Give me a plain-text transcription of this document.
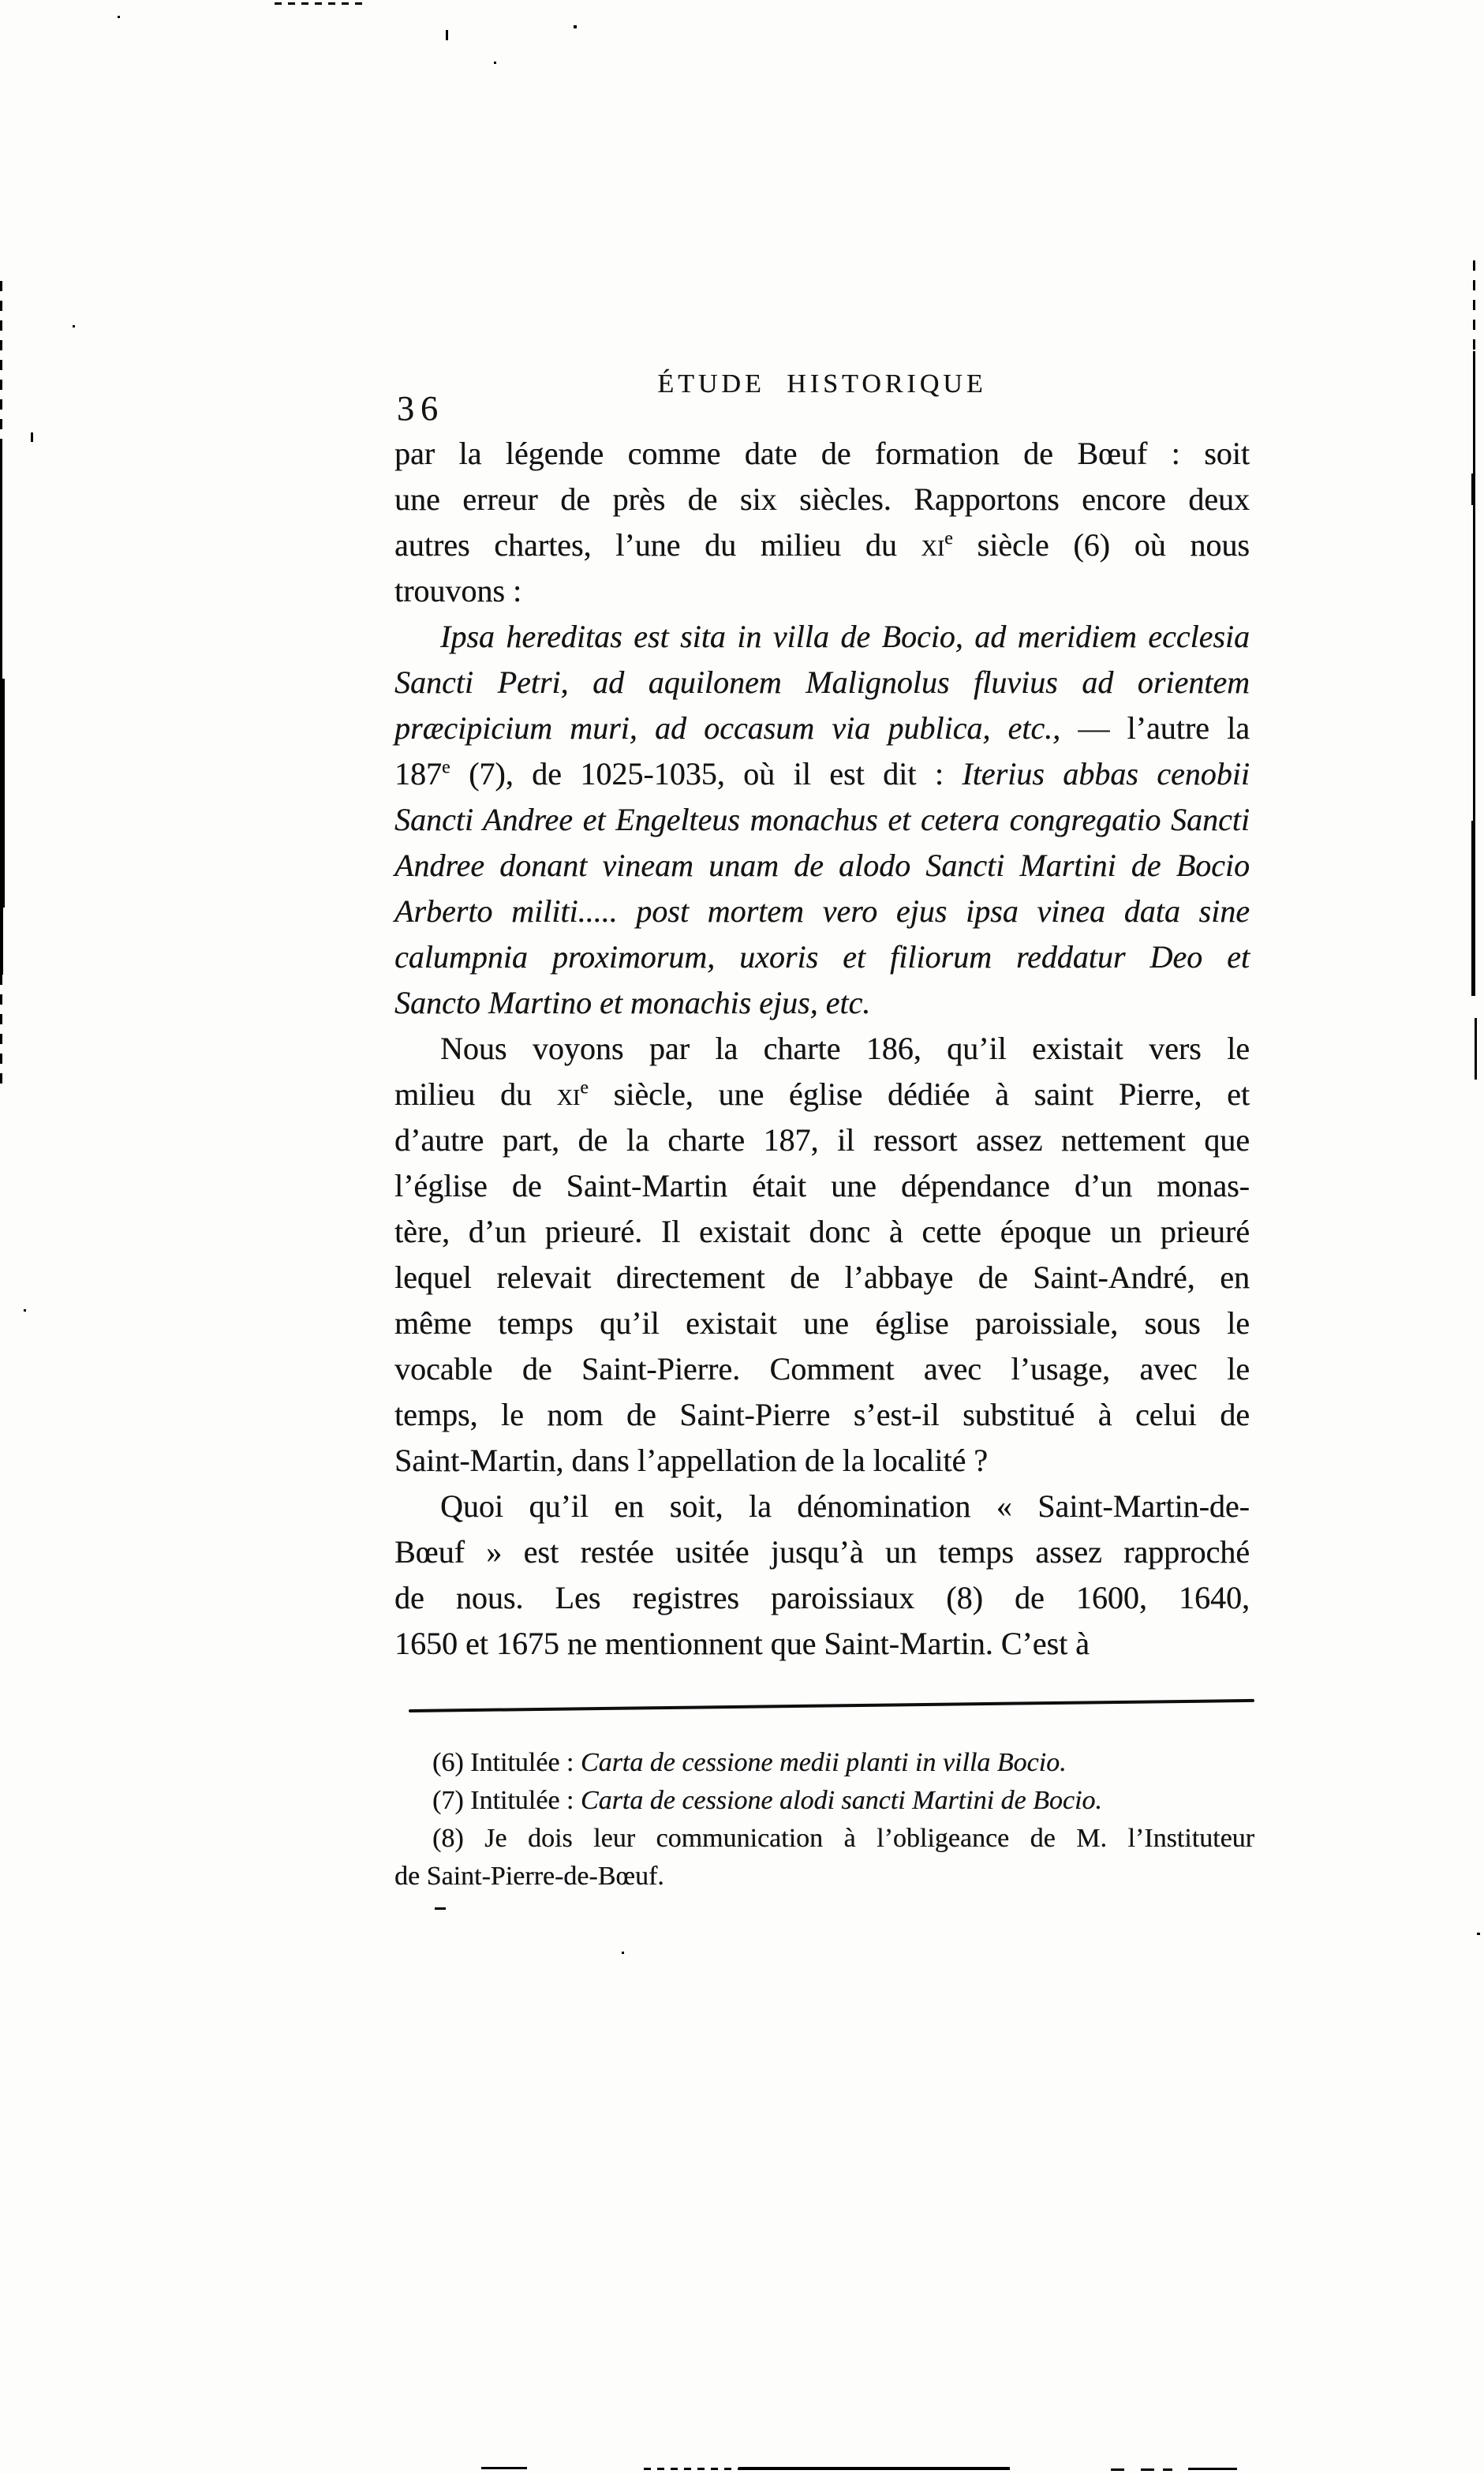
36
ÉTUDE HISTORIQUE
par la légende comme date de formation de Bœuf : soit
une erreur de près de six siècles. Rapportons encore deux
autres chartes, l’une du milieu du $xi^e$ siècle (6) où nous
trouvons :
Ipsa hereditas est sita in villa de Bocio, ad meridiem ecclesia
Sancti Petri, ad aquilonem Malignolus fluvius ad orientem
præcipicium muri, ad occasum via publica, etc., — l’autre la
187e (7), de 1025-1035, où il est dit : Iterius abbas cenobii
Sancti Andree et Engelteus monachus et cetera congregatio Sancti
Andree donant vineam unam de alodo Sancti Martini de Bocio
Arberto militi..... post mortem vero ejus ipsa vinea data sine
calumpnia proximorum, uxoris et filiorum reddatur Deo et
Sancto Martino et monachis ejus, etc.
Nous voyons par la charte 186, qu’il existait vers le
milieu du $xi^e$ siècle, une église dédiée à saint Pierre, et
d’autre part, de la charte 187, il ressort assez nettement que
l’église de Saint-Martin était une dépendance d’un monas-
tère, d’un prieuré. Il existait donc à cette époque un prieuré
lequel relevait directement de l’abbaye de Saint-André, en
même temps qu’il existait une église paroissiale, sous le
vocable de Saint-Pierre. Comment avec l’usage, avec le
temps, le nom de Saint-Pierre s’est-il substitué à celui de
Saint-Martin, dans l’appellation de la localité ?
Quoi qu’il en soit, la dénomination « Saint-Martin-de-
Bœuf » est restée usitée jusqu’à un temps assez rapproché
de nous. Les registres paroissiaux (8) de 1600, 1640,
1650 et 1675 ne mentionnent que Saint-Martin. C’est à
(6) Intitulée : Carta de cessione medii planti in villa Bocio.
(7) Intitulée : Carta de cessione alodi sancti Martini de Bocio.
(8) Je dois leur communication à l’obligeance de M. l’Instituteur
de Saint-Pierre-de-Bœuf.
